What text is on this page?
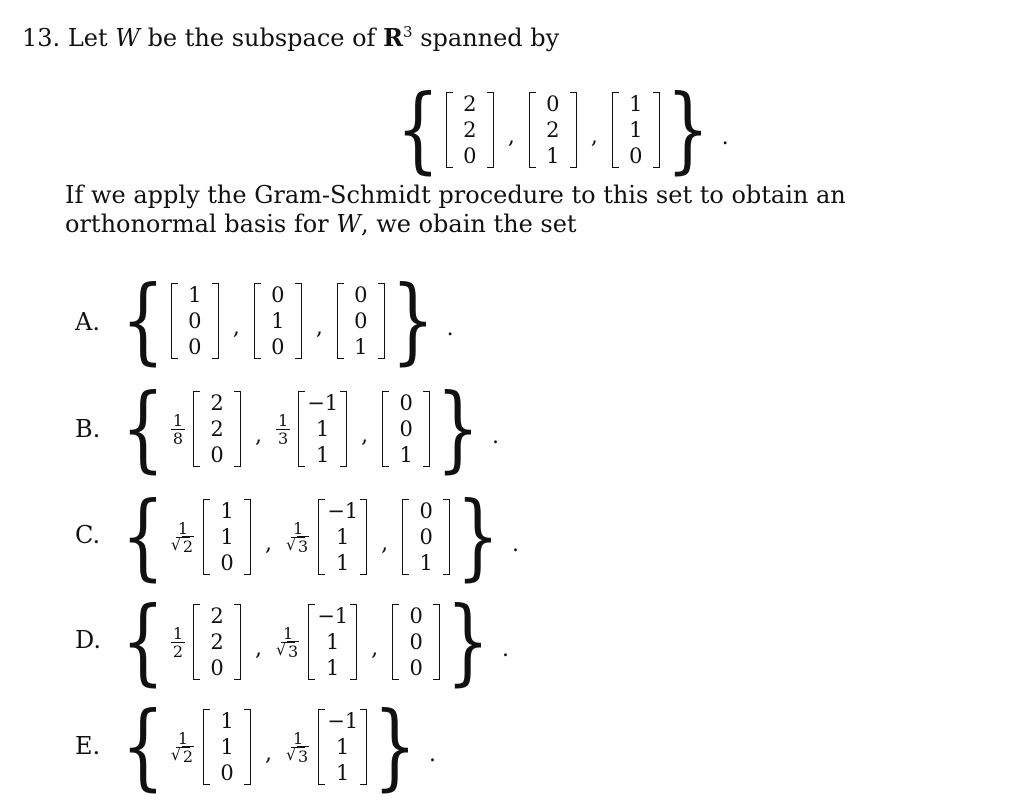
13. Let W be the subspace of $R^3$ spanned by
{	2
2
0
,
0
2
1
,
1
1
0 } .
If we apply the Gram-Schmidt procedure to this set to obtain an orthonormal basis for W, we obain the set
A. {	1
0
0
,
0
1
0
,
0
0
1 } .
B. { $\frac{1}{8}$
2
2
0
, $\frac{1}{3}$
−1
1
1
,
0
0
1 } .
C. { 1
√ 2
1
1
0
, 1
√ 3
−1
1
1
,
0
0
1 } .
D. { $\frac{1}{2}$
2
2
0
, 1
√ 3
−1
1
1
,
0
0
0 } .
E. { 1
√ 2
1
1
0
, 1
√ 3
−1
1
1 } .
